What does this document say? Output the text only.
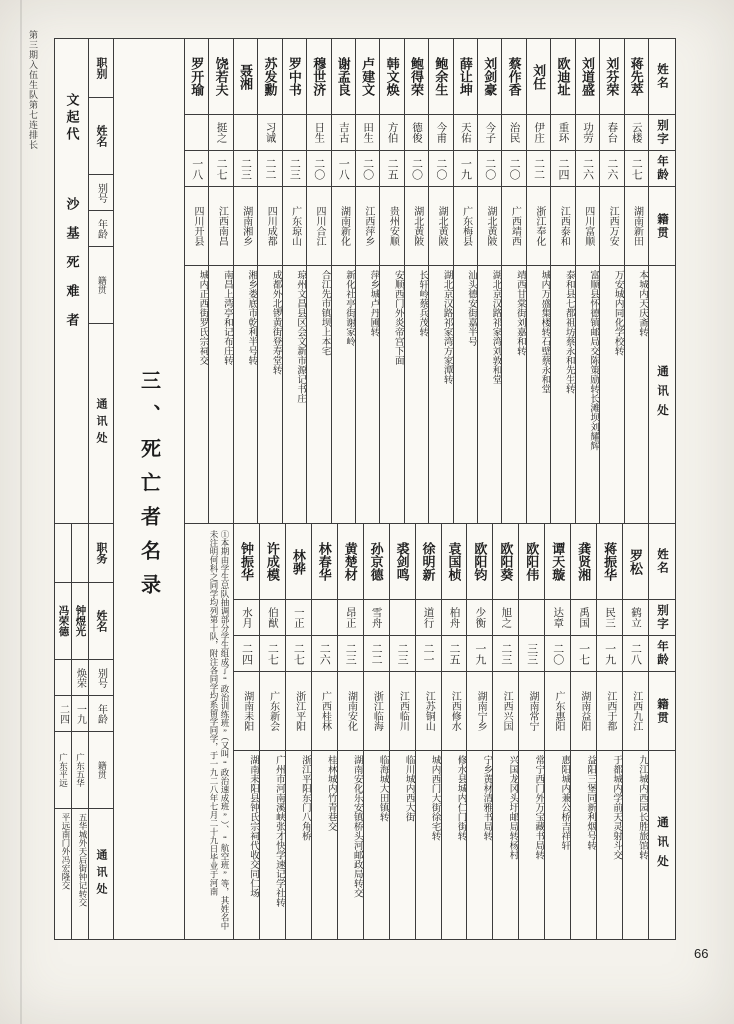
第三期入伍生队第七连排长	职别
姓名
别号
年龄
籍贯
通讯处
文起代
沙基死难者
职务
姓名
别号
年龄
籍贯
通讯处
钟煜光
焕荣
一九
广东五华
五华城外天后街钟记转交
冯荣德
二四
广东平远
平远南门外冯宏隆交
三、死亡者名录
姓名
别字
年龄
籍贯
通讯处
蒋先萃
云楼
二七
湖南新田
本城内天庆斋转
刘芬荣
春台
二六
江西万安
万安城内同化学校转
刘道盛
功劳
二六
四川富顺
富顺县怀德镇邮局交陈策励转长滩坝刘耀辉
欧迪址
重环
二四
江西泰和
泰和县七都祖坊蔡永和先生转
刘任
伊庄
二二
浙江奉化
城内万盛集楼转石壁蔡永和堂
蔡作香
治民
二〇
广西靖西
靖西甘棠街刘嘉和转
刘剑豪
今子
二〇
湖北黄陂
湖北京汉路祁家湾刘敦和堂
薛让坤
天佑
一九
广东梅县
汕头德安街嘉半号
鲍余生
今甫
二〇
湖北黄陂
湖北京汉路祁家湾方家潭转
鲍得荣
德俊
二〇
湖北黄陂
长轩岭蔡兵茂转
韩文焕
方伯
二五
贵州安顺
安顺西门外炎帝宫下面
卢建文
田生
二〇
江西萍乡
萍乡城卢丹圃转
谢孟良
吉古
一八
湖南新化
新化社亭街谢家岭
穆世济
日生
二〇
四川合江
合江先市镇坝上本宅
罗中书
二三
广东琼山
琼州文昌县区会文新市源记书庄
苏发勳
习诚
二二
四川成都
成都外北锣黄街登寿堂转
聂湘
二三
湖南湘乡
湘乡娄底市乾利半号转
饶若夫
挺之
二七
江西南昌
南昌上湾亭和记布庄转
罗开瑜
一八
四川开县
城内正西街罗氏宗祠交
姓名
别字
年龄
籍贯
通讯处
罗松
鹤立
二八
江西九江
九江城内西园长胜旅馆转
蒋振华
民三
一九
江西于都
于都城内学前天灵射斗交
龚贤湘
禹国
一七
湖南益阳
益阳三堡同新利烟号转
谭天璇
达章
二〇
广东惠阳
惠阳城内兼公桥吉祥轩
欧阳伟
三三
湖南常宁
常宁西门外万宝藏书局转
欧阳葵
旭之
二三
江西兴国
兴国龙冈头圩邮局转杨村
欧阳钧
少衡
一九
湖南宁乡
宁乡黄材清雅书局转
袁国桢
柏舟
二五
江西修水
修水县城内仁门街转
徐明新
道行
二一
江苏铜山
城内西门大街徐宅转
裘剑鸣
二三
江西临川
临川城内西大街
孙京德
雪舟
二二
浙江临海
临海城大田镇转
黄楚材
昂正
二三
湖南安化
湖南安化乐安镇桥头河邮政局转交
林春华
二六
广西桂林
桂林城内竹青巷交
林骅
一正
二七
浙江平阳
浙江平阳东门八角桥
许成模
伯猷
二七
广东新会
广州市河南溪峡张才快学速记学社转
钟振华
水月
二四
湖南耒阳
湖南耒阳县钟氏宗祠代收交同仁场
①本期由学生总队抽调部分学生组成了“政治训练班”（又叫“政治速成班”）、“航空班”等，其姓名中未注明何科之同学均列第十队，附注各同学均系留学同学，于一九二八年七月二十九日毕业于河南
66
